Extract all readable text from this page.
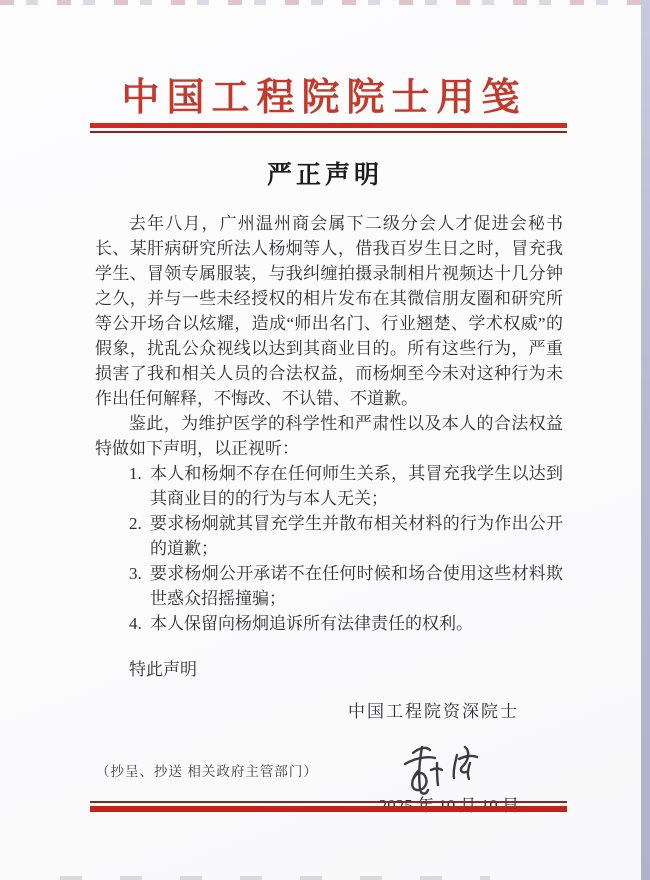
中国工程院院士用笺
严正声明

去年八月，广州温州商会属下二级分会人才促进会秘书长、某肝病研究所法人杨炯等人，借我百岁生日之时，冒充我学生、冒领专属服装，与我纠缠拍摄录制相片视频达十几分钟之久，并与一些未经授权的相片发布在其微信朋友圈和研究所等公开场合以炫耀，造成“师出名门、行业翘楚、学术权威”的假象，扰乱公众视线以达到其商业目的。所有这些行为，严重损害了我和相关人员的合法权益，而杨炯至今未对这种行为未作出任何解释，不悔改、不认错、不道歉。

鉴此，为维护医学的科学性和严肃性以及本人的合法权益特做如下声明，以正视听：

1. 本人和杨炯不存在任何师生关系，其冒充我学生以达到其商业目的的行为与本人无关；
2. 要求杨炯就其冒充学生并散布相关材料的行为作出公开的道歉；
3. 要求杨炯公开承诺不在任何时候和场合使用这些材料欺世惑众招摇撞骗；
4. 本人保留向杨炯追诉所有法律责任的权利。

特此声明

中国工程院资深院士

（抄呈、抄送 相关政府主管部门）
